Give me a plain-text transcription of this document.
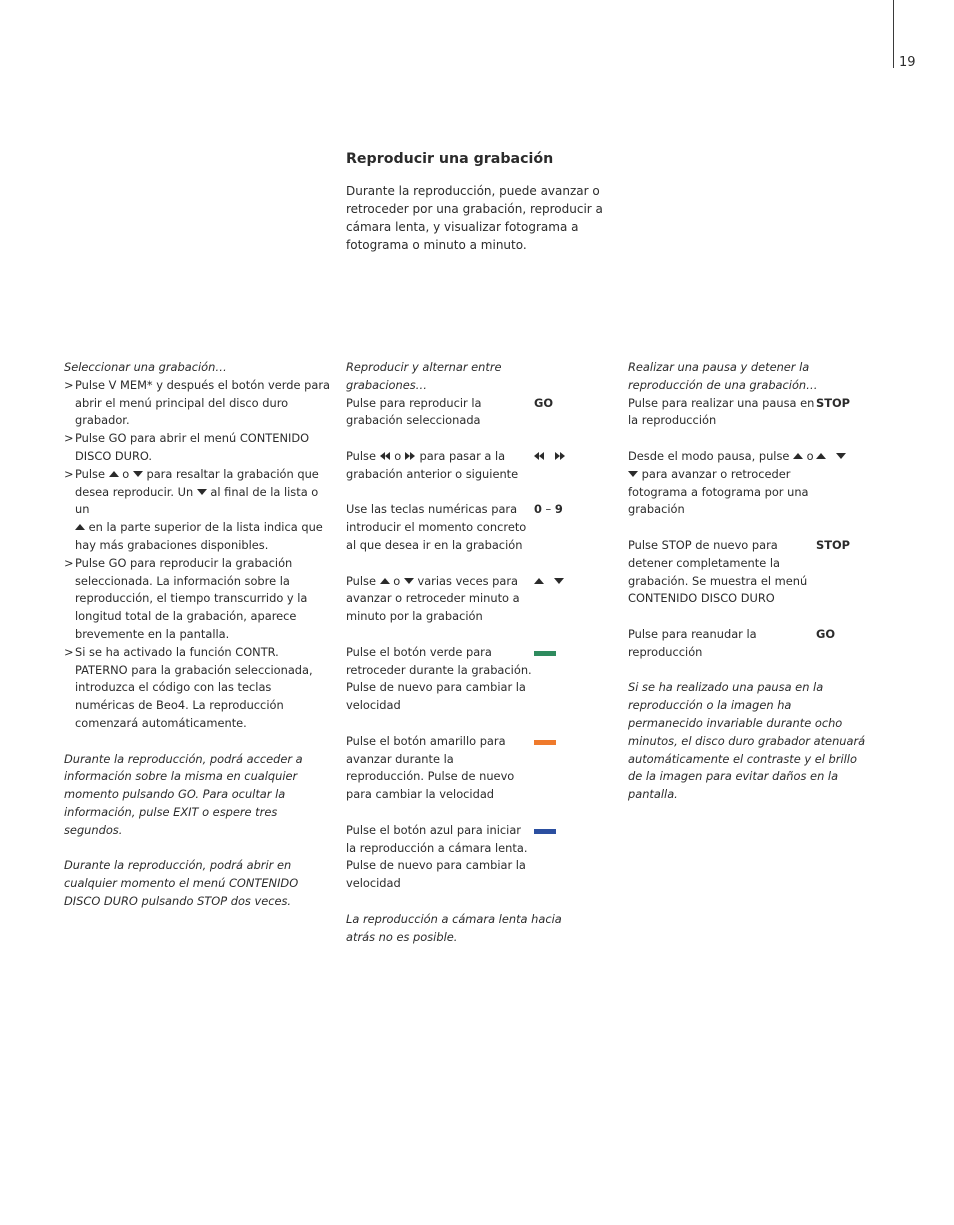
19
Reproducir una grabación
Durante la reproducción, puede avanzar o retroceder por una grabación, reproducir a cámara lenta, y visualizar fotograma a fotograma o minuto a minuto.

Seleccionar una grabación…

> Pulse V MEM* y después el botón verde para abrir el menú principal del disco duro grabador.
> Pulse GO para abrir el menú CONTENIDO DISCO DURO.
> Pulse  o  para resaltar la grabación que desea reproducir. Un  al final de la lista o un
en la parte superior de la lista indica que hay más grabaciones disponibles.
> Pulse GO para reproducir la grabación seleccionada. La información sobre la reproducción, el tiempo transcurrido y la longitud total de la grabación, aparece brevemente en la pantalla.
> Si se ha activado la función CONTR. PATERNO para la grabación seleccionada, introduzca el código con las teclas numéricas de Beo4. La reproducción comenzará automáticamente.

Durante la reproducción, podrá acceder a información sobre la misma en cualquier momento pulsando GO. Para ocultar la información, pulse EXIT o espere tres segundos.

Durante la reproducción, podrá abrir en cualquier momento el menú CONTENIDO DISCO DURO pulsando STOP dos veces.

Reproducir y alternar entre grabaciones…

Pulse para reproducir la grabación seleccionada
GO
Pulse
o
para pasar a la grabación anterior o siguiente
Use las teclas numéricas para introducir el momento concreto al que desea ir en la grabación
0 – 9
Pulse  o  varias veces para avanzar o retroceder minuto a minuto por la grabación
Pulse el botón verde para retroceder durante la grabación. Pulse de nuevo para cambiar la velocidad
Pulse el botón amarillo para avanzar durante la reproducción. Pulse de nuevo para cambiar la velocidad
Pulse el botón azul para iniciar la reproducción a cámara lenta. Pulse de nuevo para cambiar la velocidad

La reproducción a cámara lenta hacia atrás no es posible.

Realizar una pausa y detener la reproducción de una grabación…

Pulse para realizar una pausa en la reproducción
STOP
Desde el modo pausa, pulse  o  para avanzar o retroceder fotograma a fotograma por una grabación
Pulse STOP de nuevo para detener completamente la grabación. Se muestra el menú CONTENIDO DISCO DURO
STOP
Pulse para reanudar la reproducción
GO

Si se ha realizado una pausa en la reproducción o la imagen ha permanecido invariable durante ocho minutos, el disco duro grabador atenuará automáticamente el contraste y el brillo de la imagen para evitar daños en la pantalla.
